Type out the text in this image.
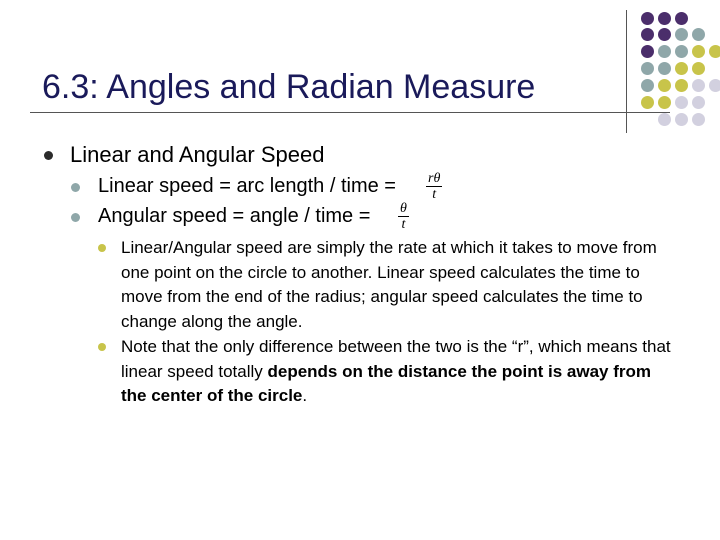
6.3: Angles and Radian Measure
Linear and Angular Speed
Linear speed = arc length / time = $\frac{r\theta}{t}$
Angular speed = angle / time = $\frac{\theta}{t}$
Linear/Angular speed are simply the rate at which it takes to move from one point on the circle to another. Linear speed calculates the time to move from the end of the radius; angular speed calculates the time to change along the angle.
Note that the only difference between the two is the “r”, which means that linear speed totally depends on the distance the point is away from the center of the circle.
